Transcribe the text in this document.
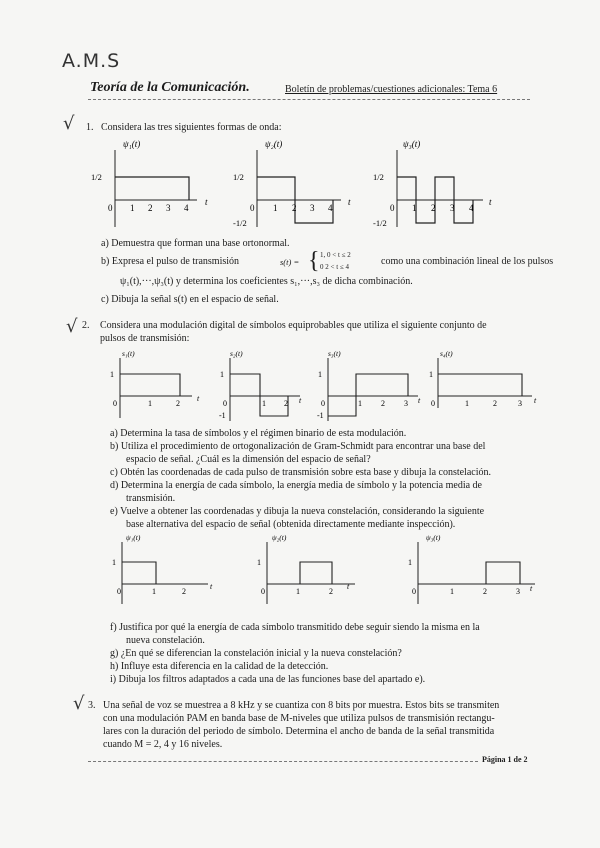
A.M.S
Teoría de la Comunicación.	Boletín de problemas/cuestiones adicionales: Tema 6
√ 1. Considera las tres siguientes formas de onda:
ψ₁(t)
1/2
0 1 2 3 4
t
ψ₂(t)
1/2
-1/2
0 1 2 3 4
t
ψ₃(t)
1/2
-1/2
0 1 2 3 4
t
a) Demuestra que forman una base ortonormal.
b) Expresa el pulso de transmisión	s(t) = { 1, 0 < t ≤ 2
0 2 < t ≤ 4	como una combinación lineal de los pulsos
ψ₁(t),···,ψ₃(t) y determina los coeficientes s₁,···,s₃ de dicha combinación.
c) Dibuja la señal s(t) en el espacio de señal.
√ 2. Considera una modulación digital de símbolos equiprobables que utiliza el siguiente conjunto de
pulsos de transmisión:
s₁(t)
1
0	1	2
t
s₂(t)
1
-1
0	1 2 t
s₃(t)
1
-1
0	1 2 3 t
s₄(t)
1
0	1	2	3 t
a) Determina la tasa de símbolos y el régimen binario de esta modulación.
b) Utiliza el procedimiento de ortogonalización de Gram-Schmidt para encontrar una base del
espacio de señal. ¿Cuál es la dimensión del espacio de señal?
c) Obtén las coordenadas de cada pulso de transmisión sobre esta base y dibuja la constelación.
d) Determina la energía de cada símbolo, la energía media de símbolo y la potencia media de
transmisión.
e) Vuelve a obtener las coordenadas y dibuja la nueva constelación, considerando la siguiente
base alternativa del espacio de señal (obtenida directamente mediante inspección).
ψ₁(t)
1
0	1	2
t
ψ₂(t)
1
0	1	2
t
ψ₃(t)
1
0	1	2	3 t
f) Justifica por qué la energía de cada símbolo transmitido debe seguir siendo la misma en la
nueva constelación.
g) ¿En qué se diferencian la constelación inicial y la nueva constelación?
h) Influye esta diferencia en la calidad de la detección.
i) Dibuja los filtros adaptados a cada una de las funciones base del apartado e).
√ 3. Una señal de voz se muestrea a 8 kHz y se cuantiza con 8 bits por muestra. Estos bits se transmiten
con una modulación PAM en banda base de M-niveles que utiliza pulsos de transmisión rectangu-
lares con la duración del periodo de símbolo. Determina el ancho de banda de la señal transmitida
cuando M = 2, 4 y 16 niveles.
Página 1 de 2
